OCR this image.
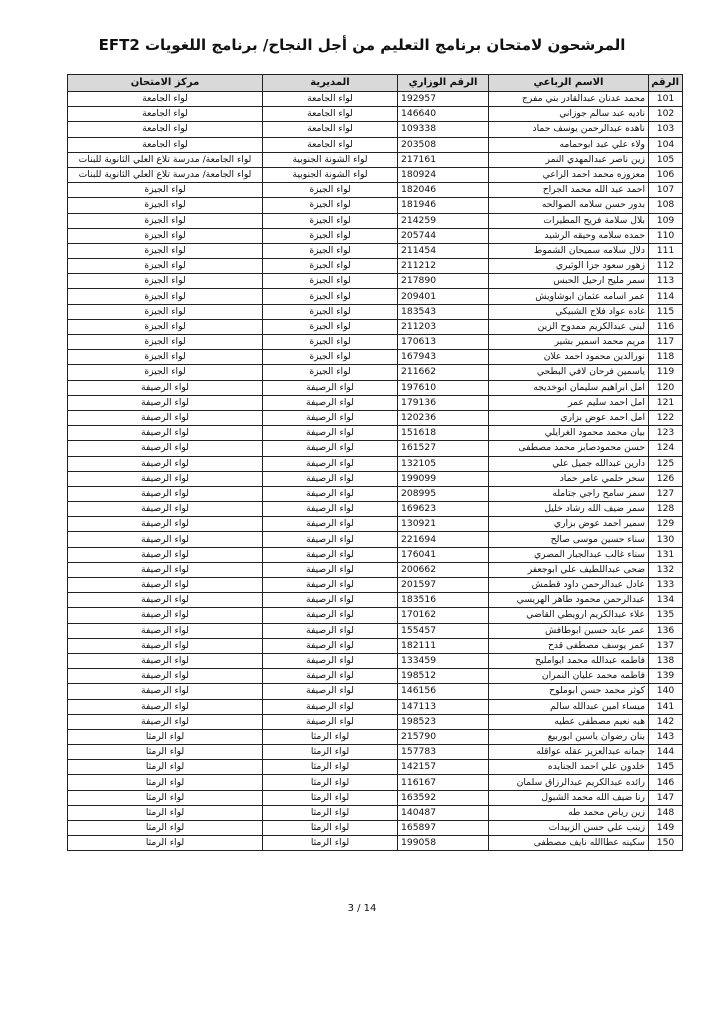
المرشحون لامتحان برنامج التعليم من أجل النجاح/ برنامج اللغويات EFT2
الرقم	الاسم الرباعي	الرقم الوزاري	المديرية	مركز الامتحان
101	محمد عدنان عبدالقادر بني مفرج	192957	لواء الجامعة	لواء الجامعة
102	ناديه عبد سالم جوزاني	146640	لواء الجامعة	لواء الجامعة
103	ناهده عبدالرحمن يوسف حماد	109338	لواء الجامعة	لواء الجامعة
104	ولاء علي عبد ابوحمامه	203508	لواء الجامعة	لواء الجامعة
105	زين ناصر عبدالمهدي النمر	217161	لواء الشونة الجنوبية	لواء الجامعة/ مدرسة تلاع العلي الثانوية للبنات
106	معزوزه محمد احمد الراعي	180924	لواء الشونة الجنوبية	لواء الجامعة/ مدرسة تلاع العلي الثانوية للبنات
107	احمد عبد الله محمد الجراح	182046	لواء الجيزة	لواء الجيزة
108	بدور حسن سلامه الصوالحه	181946	لواء الجيزة	لواء الجيزة
109	بلال سلامة فريح المطيرات	214259	لواء الجيزة	لواء الجيزة
110	حمده سلامه وحيقه الرشيد	205744	لواء الجيزة	لواء الجيزة
111	دلال سلامه سميحان الشموط	211454	لواء الجيزة	لواء الجيزة
112	زهور سعود جزا الوثيري	211212	لواء الجيزة	لواء الجيزة
113	سمر مليح ارحيل الحبس	217890	لواء الجيزة	لواء الجيزة
114	عمر اسامه عثمان ابوشاويش	209401	لواء الجيزة	لواء الجيزة
115	غاده عواد فلاج الشبيكي	183543	لواء الجيزة	لواء الجيزة
116	لبنى عبدالكريم ممدوح الزين	211203	لواء الجيزة	لواء الجيزة
117	مريم محمد اسمير بشير	170613	لواء الجيزة	لواء الجيزة
118	نورالدين محمود احمد علان	167943	لواء الجيزة	لواء الجيزة
119	ياسمين فرحان لافي البطحي	211662	لواء الجيزة	لواء الجيزة
120	امل ابراهيم سليمان ابوخديجه	197610	لواء الرصيفة	لواء الرصيفة
121	امل احمد سليم عمر	179136	لواء الرصيفة	لواء الرصيفة
122	امل احمد عوض بزاري	120236	لواء الرصيفة	لواء الرصيفة
123	بيان محمد محمود الغرايلي	151618	لواء الرصيفة	لواء الرصيفة
124	حسن محمودصابر محمد مصطفى	161527	لواء الرصيفة	لواء الرصيفة
125	دارين عبدالله جميل علي	132105	لواء الرصيفة	لواء الرصيفة
126	سحر حلمي عامر حماد	199099	لواء الرصيفة	لواء الرصيفة
127	سمر سامح راجي جتامله	208995	لواء الرصيفة	لواء الرصيفة
128	سمر ضيف الله رشاد خليل	169623	لواء الرصيفة	لواء الرصيفة
129	سمير احمد عوض بزاري	130921	لواء الرصيفة	لواء الرصيفة
130	سناء حسين موسى صالح	221694	لواء الرصيفة	لواء الرصيفة
131	سناء غالب عبدالجبار المصري	176041	لواء الرصيفة	لواء الرصيفة
132	ضحى عبداللطيف علي ابوجعفر	200662	لواء الرصيفة	لواء الرصيفة
133	عادل عبدالرحمن داود قطمش	201597	لواء الرصيفة	لواء الرصيفة
134	عبدالرحمن محمود طاهر الهريسي	183516	لواء الرصيفة	لواء الرصيفة
135	علاء عبدالكريم ارويطي القاضي	170162	لواء الرصيفة	لواء الرصيفة
136	عمر عايد حسين ابوطافش	155457	لواء الرصيفة	لواء الرصيفة
137	عمر يوسف مصطفى قدح	182111	لواء الرصيفة	لواء الرصيفة
138	فاطمه عبدالله محمد ابوامليح	133459	لواء الرصيفة	لواء الرصيفة
139	فاطمه محمد عليان النمران	198512	لواء الرصيفة	لواء الرصيفة
140	كوثر محمد حسن ابوملوح	146156	لواء الرصيفة	لواء الرصيفة
141	ميساء امين عبدالله سالم	147113	لواء الرصيفة	لواء الرصيفة
142	هبه نعيم مصطفى عطيه	198523	لواء الرصيفة	لواء الرصيفة
143	بنان رضوان ياسين ابوربيع	215790	لواء الرمثا	لواء الرمثا
144	جمانه عبدالعزيز عقله عواقله	157783	لواء الرمثا	لواء الرمثا
145	خلدون علي احمد الجنايده	142157	لواء الرمثا	لواء الرمثا
146	رائده عبدالكريم عبدالرزاق سلمان	116167	لواء الرمثا	لواء الرمثا
147	رنا ضيف الله محمد الشبول	163592	لواء الرمثا	لواء الرمثا
148	زين رياض محمد طه	140487	لواء الرمثا	لواء الرمثا
149	زينب علي حسن الزبيدات	165897	لواء الرمثا	لواء الرمثا
150	سكينه عطاالله نايف مصطفى	199058	لواء الرمثا	لواء الرمثا
3 / 14
